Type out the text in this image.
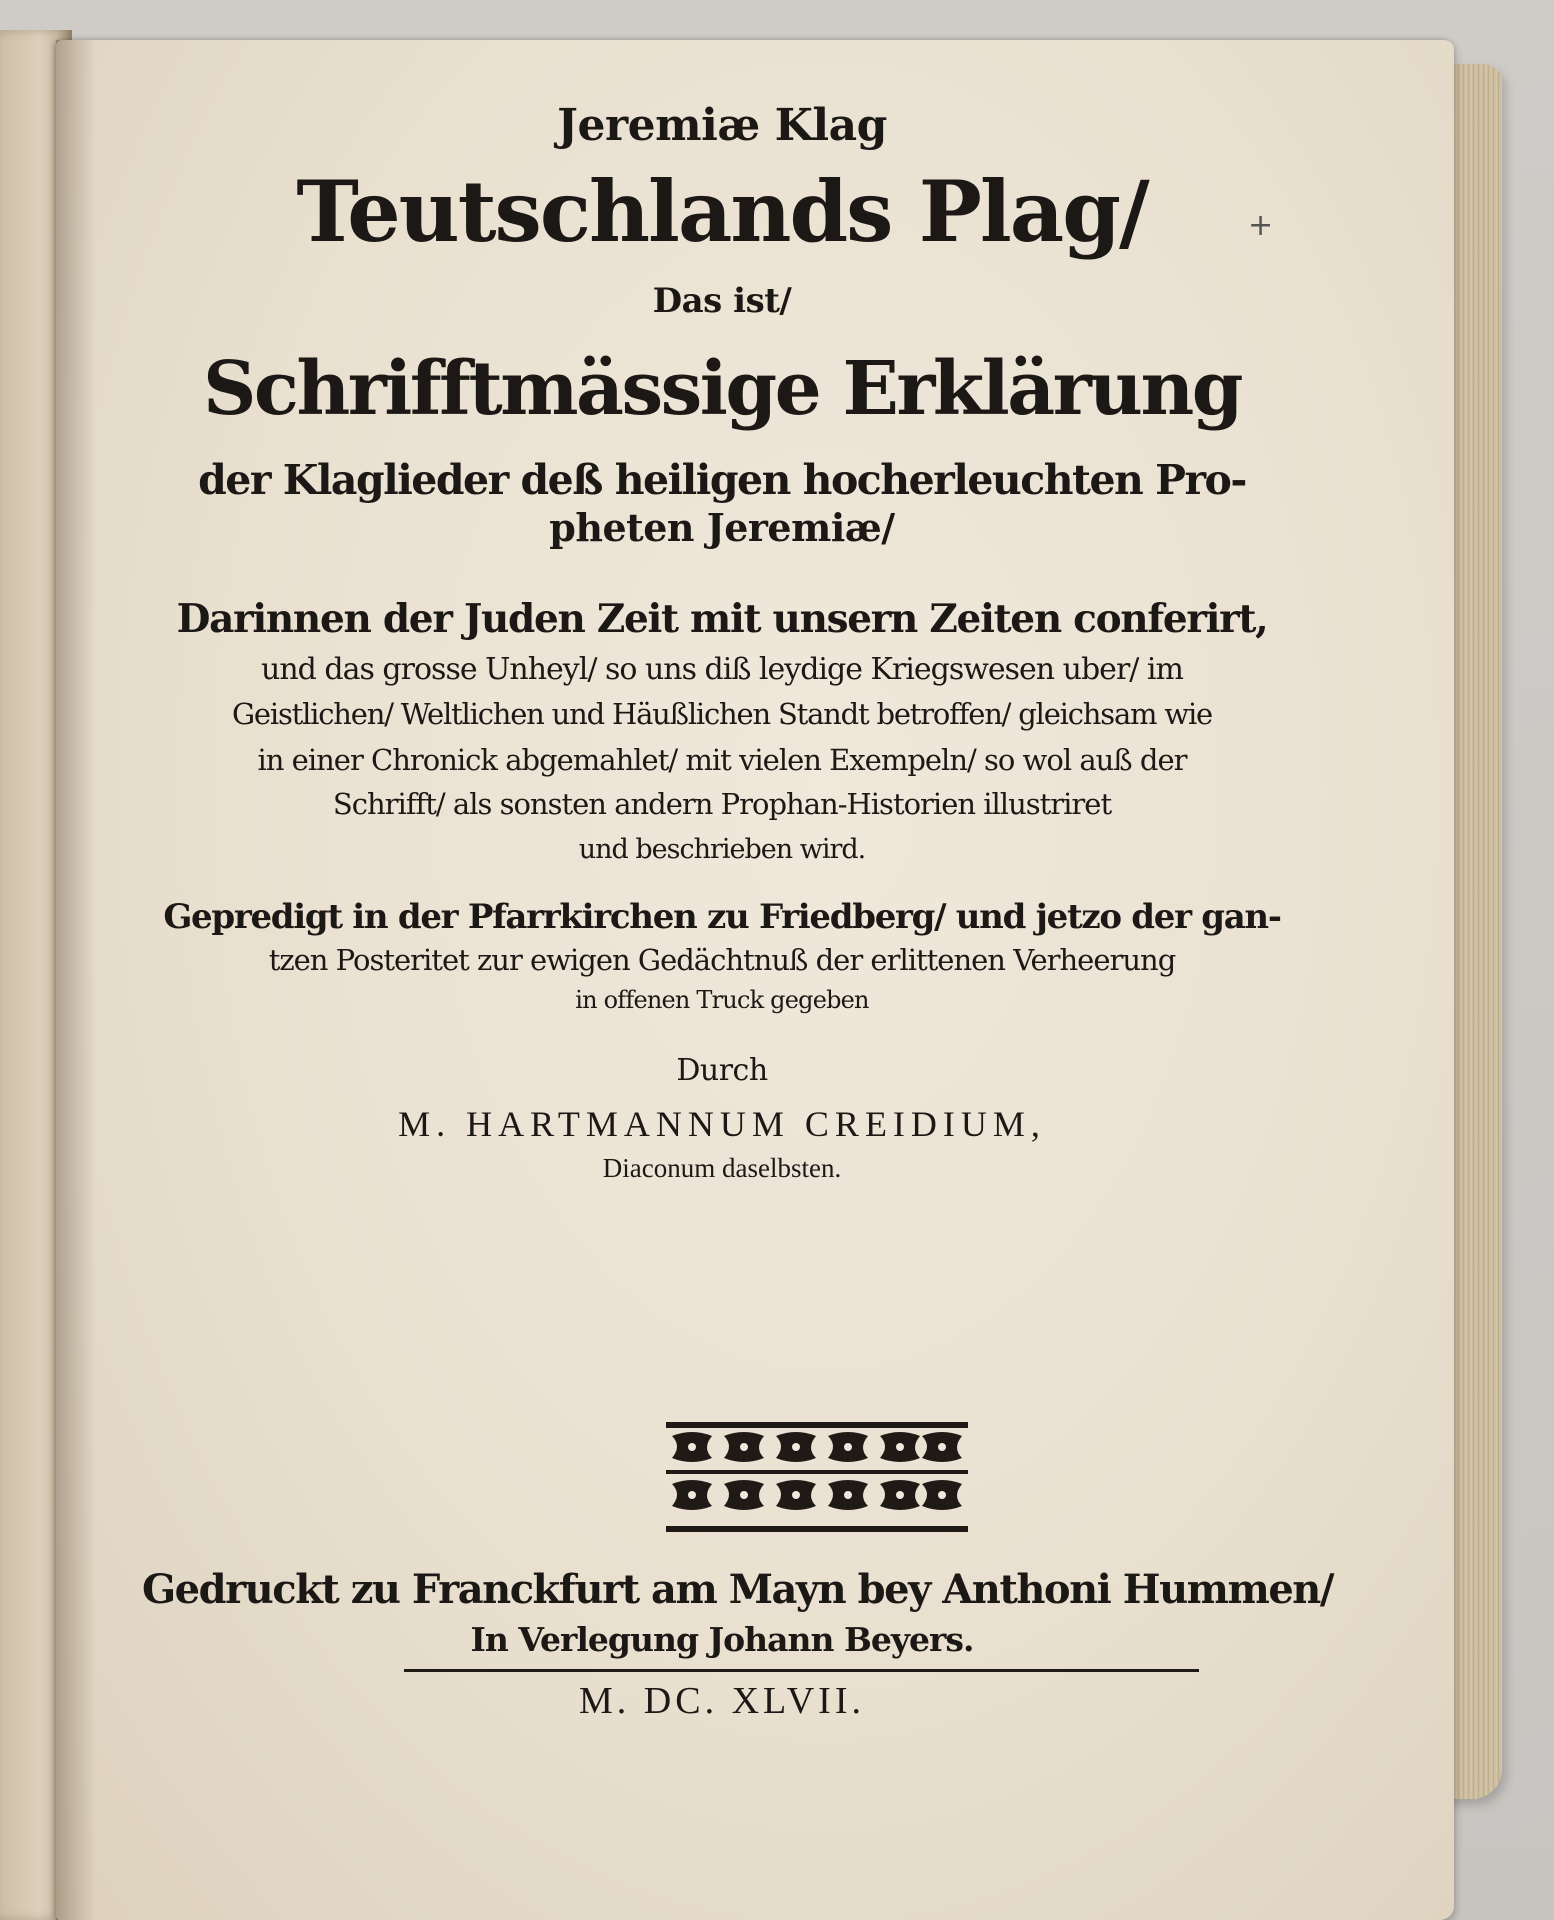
Jeremiæ Klag
Teutschlands Plag/
Das ist/
Schrifftmässige Erklärung
der Klaglieder deß heiligen hocherleuchten Pro-
pheten Jeremiæ/
Darinnen der Juden Zeit mit unsern Zeiten conferirt,
und das grosse Unheyl/ so uns diß leydige Kriegswesen uber/ im
Geistlichen/ Weltlichen und Häußlichen Standt betroffen/ gleichsam wie
in einer Chronick abgemahlet/ mit vielen Exempeln/ so wol auß der
Schrifft/ als sonsten andern Prophan-Historien illustriret
und beschrieben wird.
Gepredigt in der Pfarrkirchen zu Friedberg/ und jetzo der gan-
tzen Posteritet zur ewigen Gedächtnuß der erlittenen Verheerung
in offenen Truck gegeben
Durch
M. HARTMANNUM CREIDIUM,
Diaconum daselbsten.
Gedruckt zu Franckfurt am Mayn bey Anthoni Hummen/
In Verlegung Johann Beyers.
M. DC. XLVII.
+
